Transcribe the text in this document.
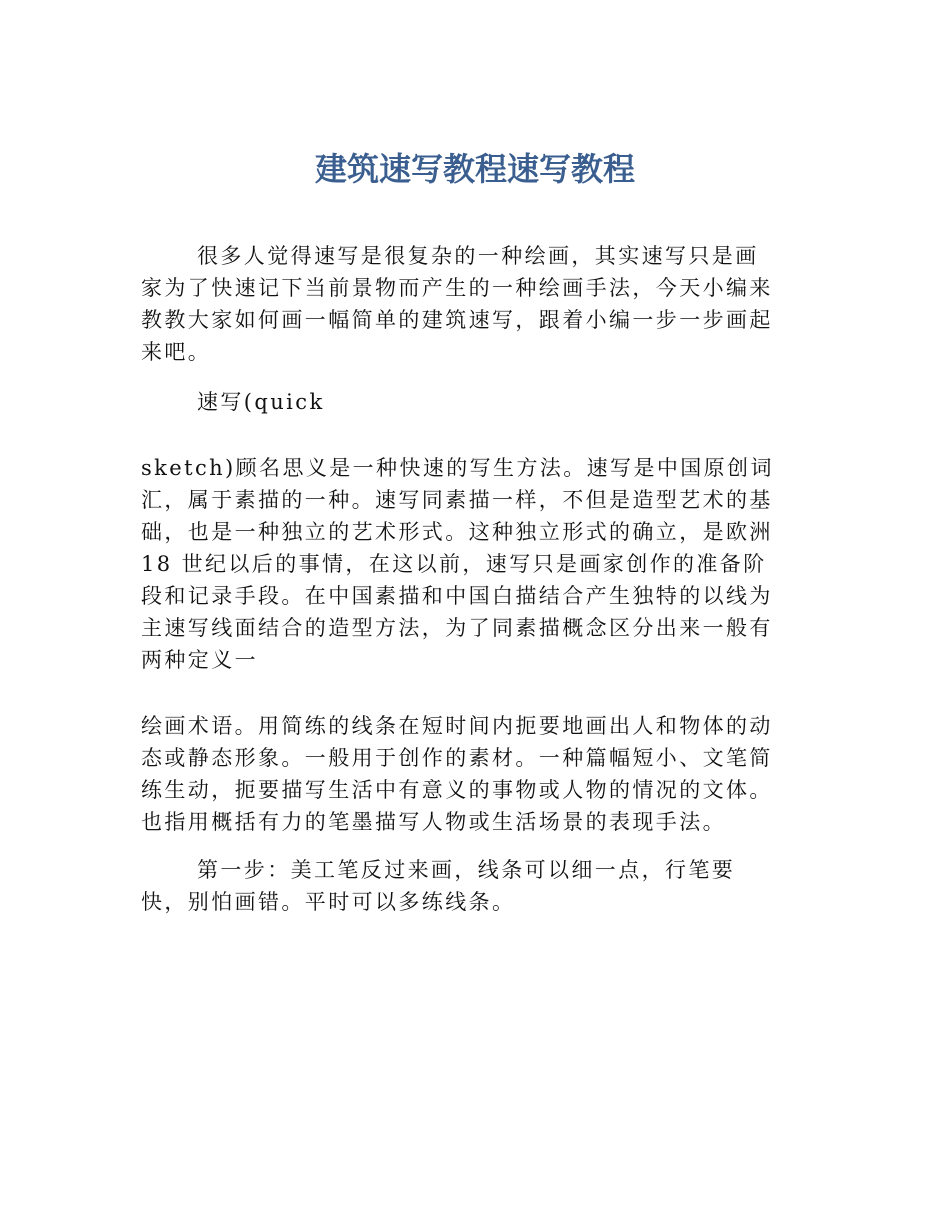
建筑速写教程速写教程
很多人觉得速写是很复杂的一种绘画，其实速写只是画
家为了快速记下当前景物而产生的一种绘画手法，今天小编来
教教大家如何画一幅简单的建筑速写，跟着小编一步一步画起
来吧。
速写(quick
sketch)顾名思义是一种快速的写生方法。速写是中国原创词
汇，属于素描的一种。速写同素描一样，不但是造型艺术的基
础，也是一种独立的艺术形式。这种独立形式的确立，是欧洲
18 世纪以后的事情，在这以前，速写只是画家创作的准备阶
段和记录手段。在中国素描和中国白描结合产生独特的以线为
主速写线面结合的造型方法，为了同素描概念区分出来一般有
两种定义一
绘画术语。用简练的线条在短时间内扼要地画出人和物体的动
态或静态形象。一般用于创作的素材。一种篇幅短小、文笔简
练生动，扼要描写生活中有意义的事物或人物的情况的文体。
也指用概括有力的笔墨描写人物或生活场景的表现手法。
第一步：美工笔反过来画，线条可以细一点，行笔要
快，别怕画错。平时可以多练线条。
